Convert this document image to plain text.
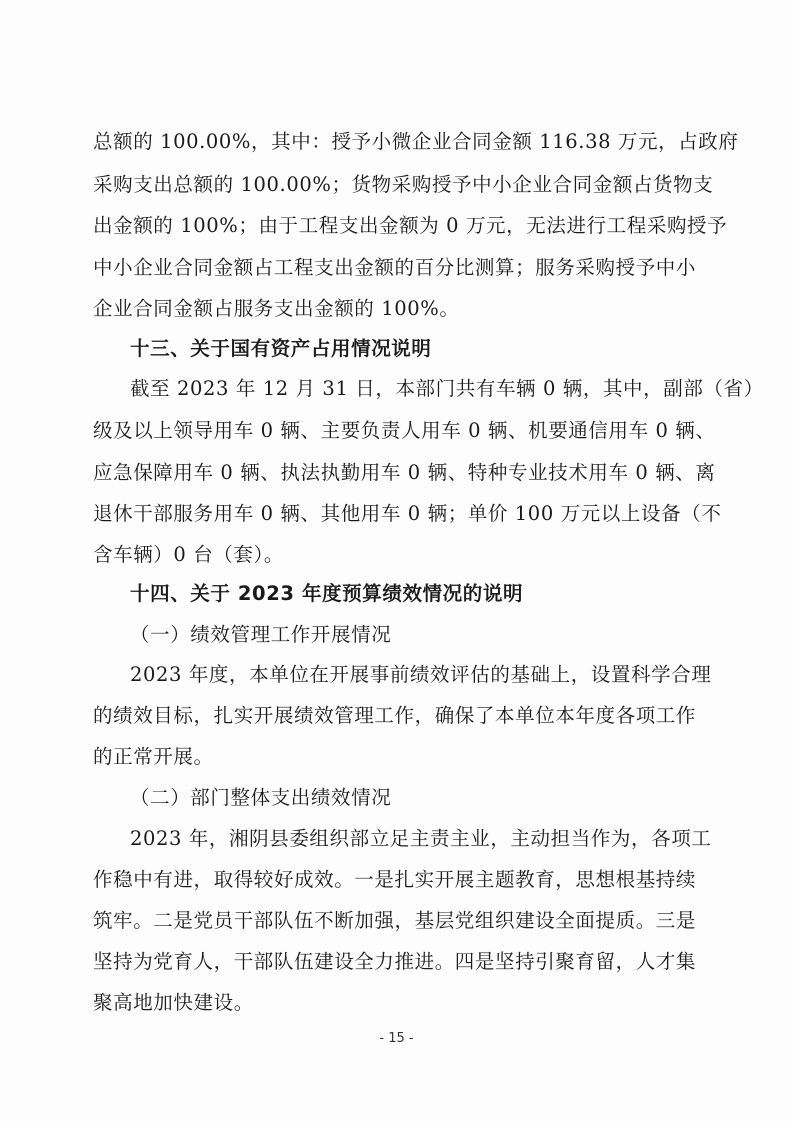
总额的 100.00%，其中：授予小微企业合同金额 116.38 万元，占政府
采购支出总额的 100.00%；货物采购授予中小企业合同金额占货物支
出金额的 100%；由于工程支出金额为 0 万元，无法进行工程采购授予
中小企业合同金额占工程支出金额的百分比测算；服务采购授予中小
企业合同金额占服务支出金额的 100%。
十三、关于国有资产占用情况说明
截至 2023 年 12 月 31 日，本部门共有车辆 0 辆，其中，副部（省）
级及以上领导用车 0 辆、主要负责人用车 0 辆、机要通信用车 0 辆、
应急保障用车 0 辆、执法执勤用车 0 辆、特种专业技术用车 0 辆、离
退休干部服务用车 0 辆、其他用车 0 辆；单价 100 万元以上设备（不
含车辆）0 台（套）。
十四、关于 2023 年度预算绩效情况的说明
（一）绩效管理工作开展情况
2023 年度，本单位在开展事前绩效评估的基础上，设置科学合理
的绩效目标，扎实开展绩效管理工作，确保了本单位本年度各项工作
的正常开展。
（二）部门整体支出绩效情况
2023 年，湘阴县委组织部立足主责主业，主动担当作为，各项工
作稳中有进，取得较好成效。一是扎实开展主题教育，思想根基持续
筑牢。二是党员干部队伍不断加强，基层党组织建设全面提质。三是
坚持为党育人，干部队伍建设全力推进。四是坚持引聚育留，人才集
聚高地加快建设。
- 15 -
